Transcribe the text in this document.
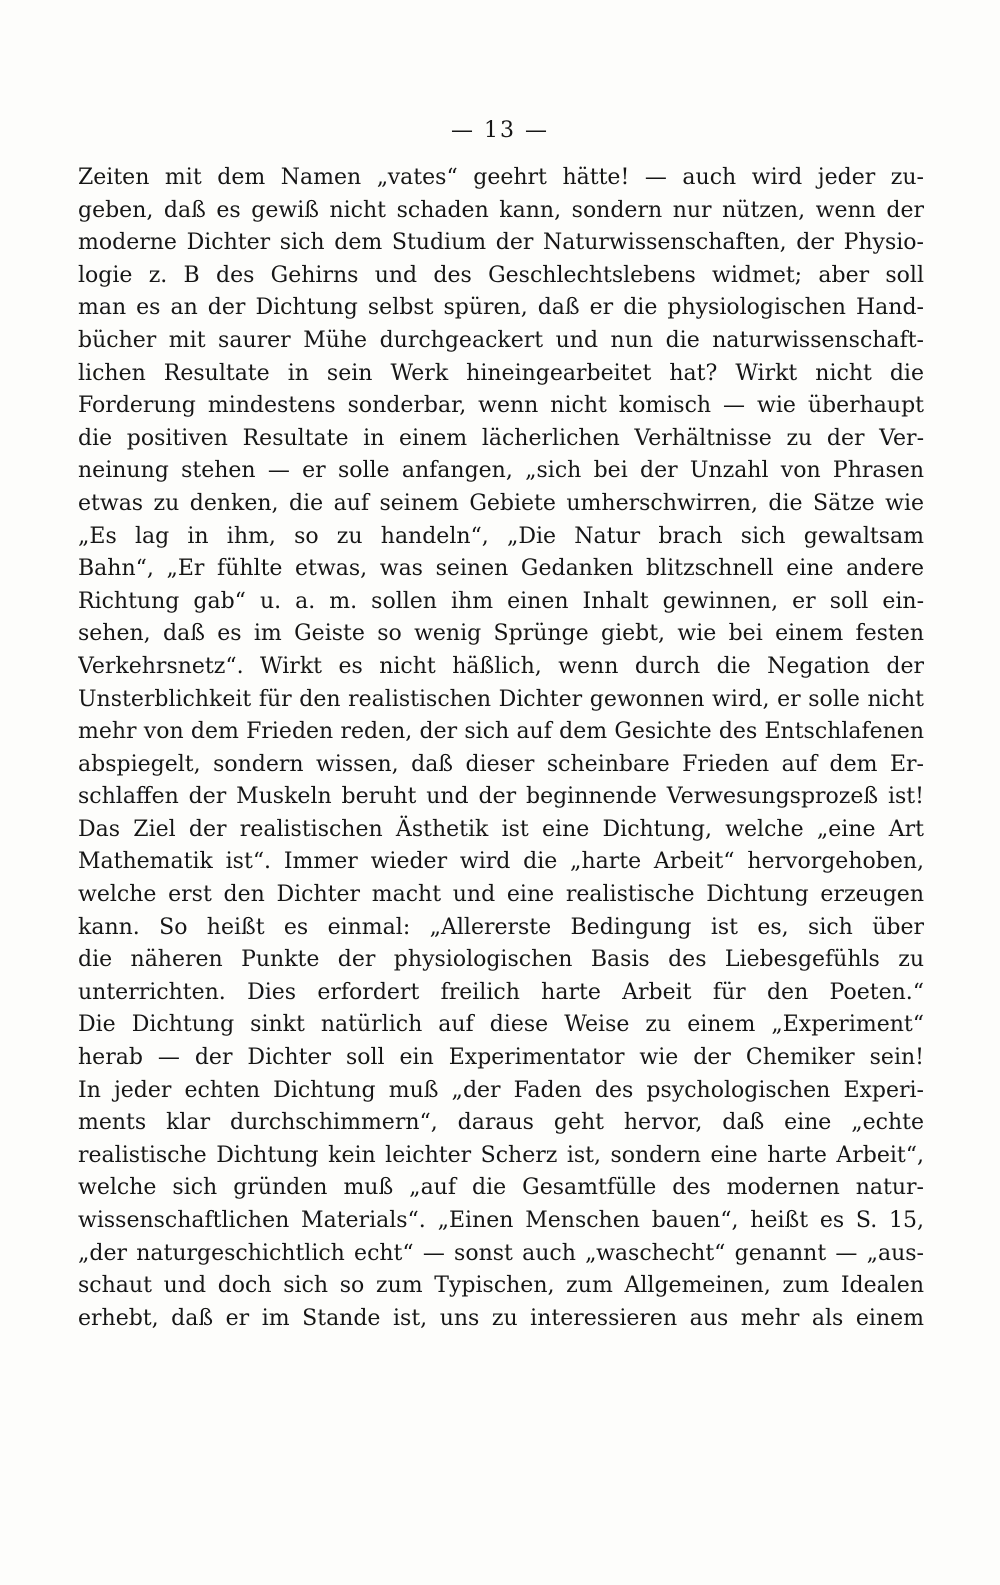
— 13 —
Zeiten mit dem Namen „vates“ geehrt hätte! — auch wird jeder zu-
geben, daß es gewiß nicht schaden kann, sondern nur nützen, wenn der
moderne Dichter sich dem Studium der Naturwissenschaften, der Physio-
logie z. B des Gehirns und des Geschlechtslebens widmet; aber soll
man es an der Dichtung selbst spüren, daß er die physiologischen Hand-
bücher mit saurer Mühe durchgeackert und nun die naturwissenschaft-
lichen Resultate in sein Werk hineingearbeitet hat? Wirkt nicht die
Forderung mindestens sonderbar, wenn nicht komisch — wie überhaupt
die positiven Resultate in einem lächerlichen Verhältnisse zu der Ver-
neinung stehen — er solle anfangen, „sich bei der Unzahl von Phrasen
etwas zu denken, die auf seinem Gebiete umherschwirren, die Sätze wie
„Es lag in ihm, so zu handeln“, „Die Natur brach sich gewaltsam
Bahn“, „Er fühlte etwas, was seinen Gedanken blitzschnell eine andere
Richtung gab“ u. a. m. sollen ihm einen Inhalt gewinnen, er soll ein-
sehen, daß es im Geiste so wenig Sprünge giebt, wie bei einem festen
Verkehrsnetz“. Wirkt es nicht häßlich, wenn durch die Negation der
Unsterblichkeit für den realistischen Dichter gewonnen wird, er solle nicht
mehr von dem Frieden reden, der sich auf dem Gesichte des Entschlafenen
abspiegelt, sondern wissen, daß dieser scheinbare Frieden auf dem Er-
schlaffen der Muskeln beruht und der beginnende Verwesungsprozeß ist!
Das Ziel der realistischen Ästhetik ist eine Dichtung, welche „eine Art
Mathematik ist“. Immer wieder wird die „harte Arbeit“ hervorgehoben,
welche erst den Dichter macht und eine realistische Dichtung erzeugen
kann. So heißt es einmal: „Allererste Bedingung ist es, sich über
die näheren Punkte der physiologischen Basis des Liebesgefühls zu
unterrichten. Dies erfordert freilich harte Arbeit für den Poeten.“
Die Dichtung sinkt natürlich auf diese Weise zu einem „Experiment“
herab — der Dichter soll ein Experimentator wie der Chemiker sein!
In jeder echten Dichtung muß „der Faden des psychologischen Experi-
ments klar durchschimmern“, daraus geht hervor, daß eine „echte
realistische Dichtung kein leichter Scherz ist, sondern eine harte Arbeit“,
welche sich gründen muß „auf die Gesamtfülle des modernen natur-
wissenschaftlichen Materials“. „Einen Menschen bauen“, heißt es S. 15,
„der naturgeschichtlich echt“ — sonst auch „waschecht“ genannt — „aus-
schaut und doch sich so zum Typischen, zum Allgemeinen, zum Idealen
erhebt, daß er im Stande ist, uns zu interessieren aus mehr als einem
